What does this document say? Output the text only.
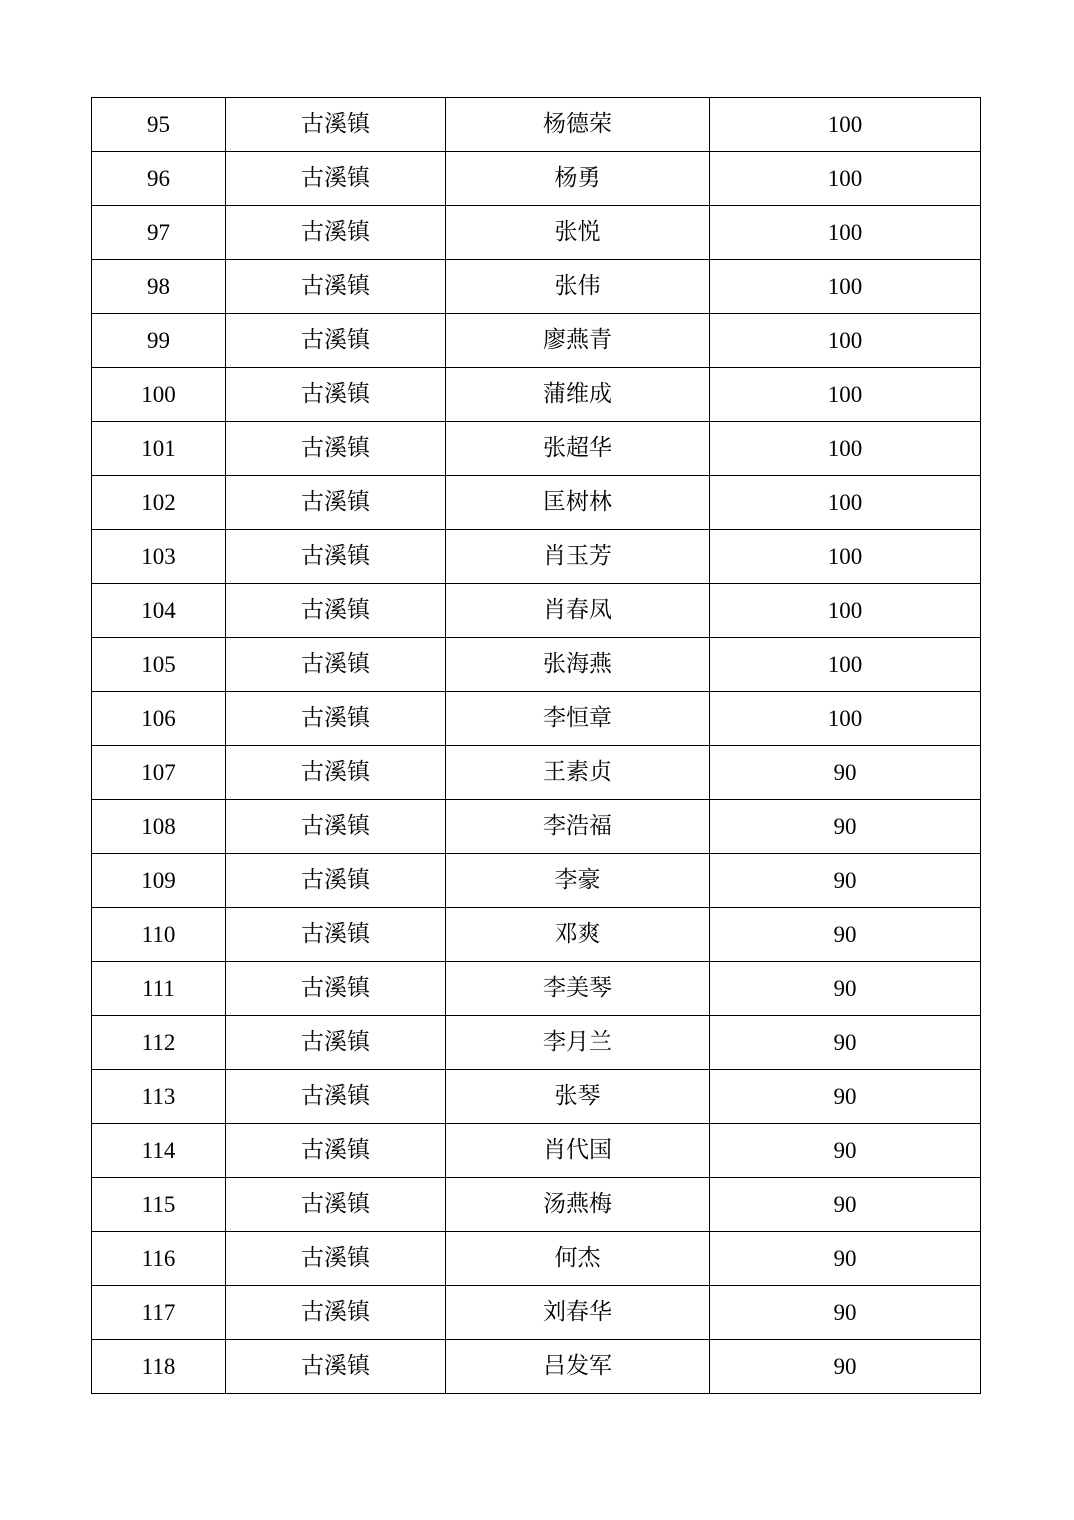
95	古溪镇	杨德荣	100
96	古溪镇	杨勇	100
97	古溪镇	张悦	100
98	古溪镇	张伟	100
99	古溪镇	廖燕青	100
100	古溪镇	蒲维成	100
101	古溪镇	张超华	100
102	古溪镇	匡树林	100
103	古溪镇	肖玉芳	100
104	古溪镇	肖春凤	100
105	古溪镇	张海燕	100
106	古溪镇	李恒章	100
107	古溪镇	王素贞	90
108	古溪镇	李浩福	90
109	古溪镇	李豪	90
110	古溪镇	邓爽	90
111	古溪镇	李美琴	90
112	古溪镇	李月兰	90
113	古溪镇	张琴	90
114	古溪镇	肖代国	90
115	古溪镇	汤燕梅	90
116	古溪镇	何杰	90
117	古溪镇	刘春华	90
118	古溪镇	吕发军	90
